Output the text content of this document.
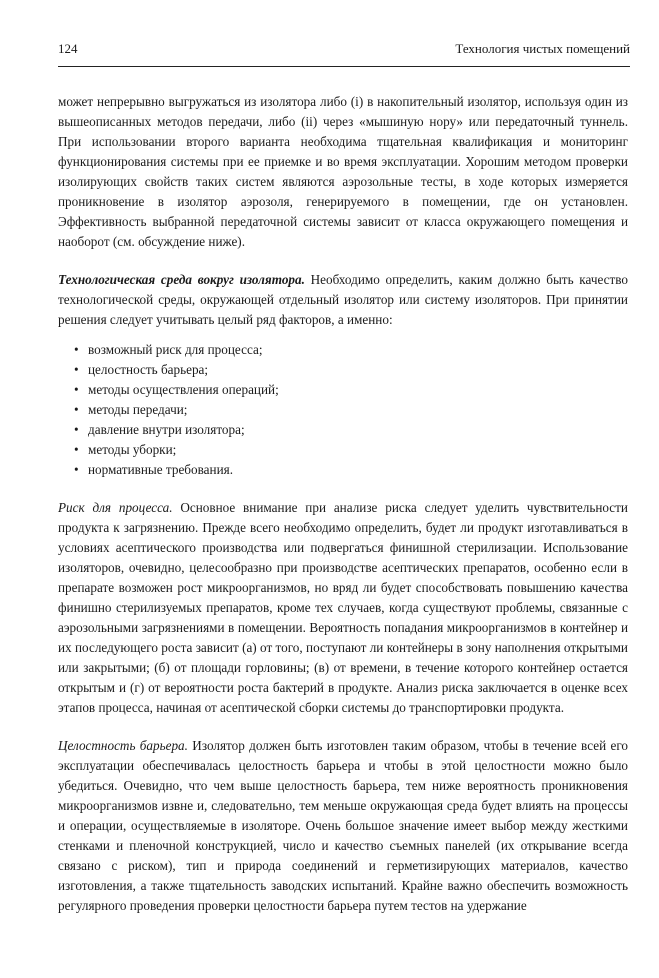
124	Технология чистых помещений

может непрерывно выгружаться из изолятора либо (i) в накопительный изолятор, используя один из вышеописанных методов передачи, либо (ii) через «мышиную нору» или передаточный туннель. При использовании второго варианта необходима тщательная квалификация и мониторинг функционирования системы при ее приемке и во время эксплуатации. Хорошим методом проверки изолирующих свойств таких систем являются аэрозольные тесты, в ходе которых измеряется проникновение в изолятор аэрозоля, генерируемого в помещении, где он установлен. Эффективность выбранной передаточной системы зависит от класса окружающего помещения и наоборот (см. обсуждение ниже).

Технологическая среда вокруг изолятора. Необходимо определить, каким должно быть качество технологической среды, окружающей отдельный изолятор или систему изоляторов. При принятии решения следует учитывать целый ряд факторов, а именно:

• возможный риск для процесса;
• целостность барьера;
• методы осуществления операций;
• методы передачи;
• давление внутри изолятора;
• методы уборки;
• нормативные требования.

Риск для процесса. Основное внимание при анализе риска следует уделить чувствительности продукта к загрязнению. Прежде всего необходимо определить, будет ли продукт изготавливаться в условиях асептического производства или подвергаться финишной стерилизации. Использование изоляторов, очевидно, целесообразно при производстве асептических препаратов, особенно если в препарате возможен рост микроорганизмов, но вряд ли будет способствовать повышению качества финишно стерилизуемых препаратов, кроме тех случаев, когда существуют проблемы, связанные с аэрозольными загрязнениями в помещении. Вероятность попадания микроорганизмов в контейнер и их последующего роста зависит (а) от того, поступают ли контейнеры в зону наполнения открытыми или закрытыми; (б) от площади горловины; (в) от времени, в течение которого контейнер остается открытым и (г) от вероятности роста бактерий в продукте. Анализ риска заключается в оценке всех этапов процесса, начиная от асептической сборки системы до транспортировки продукта.

Целостность барьера. Изолятор должен быть изготовлен таким образом, чтобы в течение всей его эксплуатации обеспечивалась целостность барьера и чтобы в этой целостности можно было убедиться. Очевидно, что чем выше целостность барьера, тем ниже вероятность проникновения микроорганизмов извне и, следовательно, тем меньше окружающая среда будет влиять на процессы и операции, осуществляемые в изоляторе. Очень большое значение имеет выбор между жесткими стенками и пленочной конструкцией, число и качество съемных панелей (их открывание всегда связано с риском), тип и природа соединений и герметизирующих материалов, качество изготовления, а также тщательность заводских испытаний. Крайне важно обеспечить возможность регулярного проведения проверки целостности барьера путем тестов на удержание
